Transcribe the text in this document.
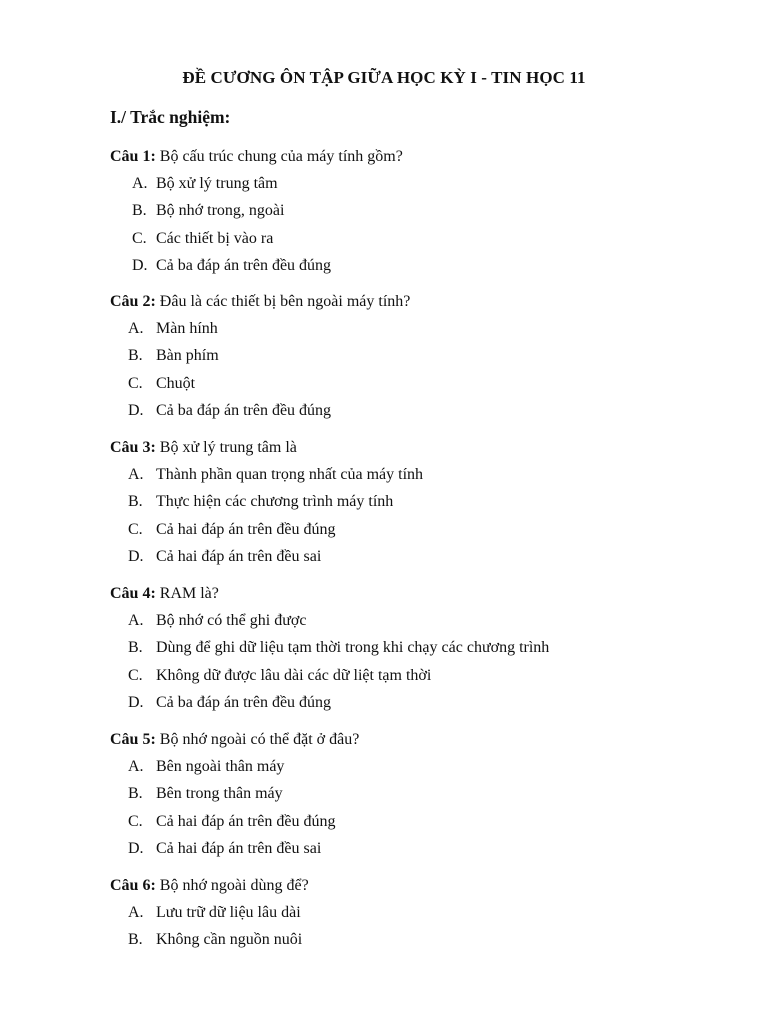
ĐỀ CƯƠNG ÔN TẬP GIỮA HỌC KỲ I - TIN HỌC 11
I./ Trắc nghiệm:
Câu 1: Bộ cấu trúc chung của máy tính gồm?
A. Bộ xử lý trung tâm
B. Bộ nhớ trong, ngoài
C. Các thiết bị vào ra
D. Cả ba đáp án trên đều đúng
Câu 2: Đâu là các thiết bị bên ngoài máy tính?
A. Màn hính
B. Bàn phím
C. Chuột
D. Cả ba đáp án trên đều đúng
Câu 3: Bộ xử lý trung tâm là
A. Thành phần quan trọng nhất của máy tính
B. Thực hiện các chương trình máy tính
C. Cả hai đáp án trên đều đúng
D. Cả hai đáp án trên đều sai
Câu 4: RAM là?
A. Bộ nhớ có thể ghi được
B. Dùng để ghi dữ liệu tạm thời trong khi chạy các chương trình
C. Không dữ được lâu dài các dữ liệt tạm thời
D. Cả ba đáp án trên đều đúng
Câu 5: Bộ nhớ ngoài có thể đặt ở đâu?
A. Bên ngoài thân máy
B. Bên trong thân máy
C. Cả hai đáp án trên đều đúng
D. Cả hai đáp án trên đều sai
Câu 6: Bộ nhớ ngoài dùng để?
A. Lưu trữ dữ liệu lâu dài
B. Không cần nguồn nuôi
